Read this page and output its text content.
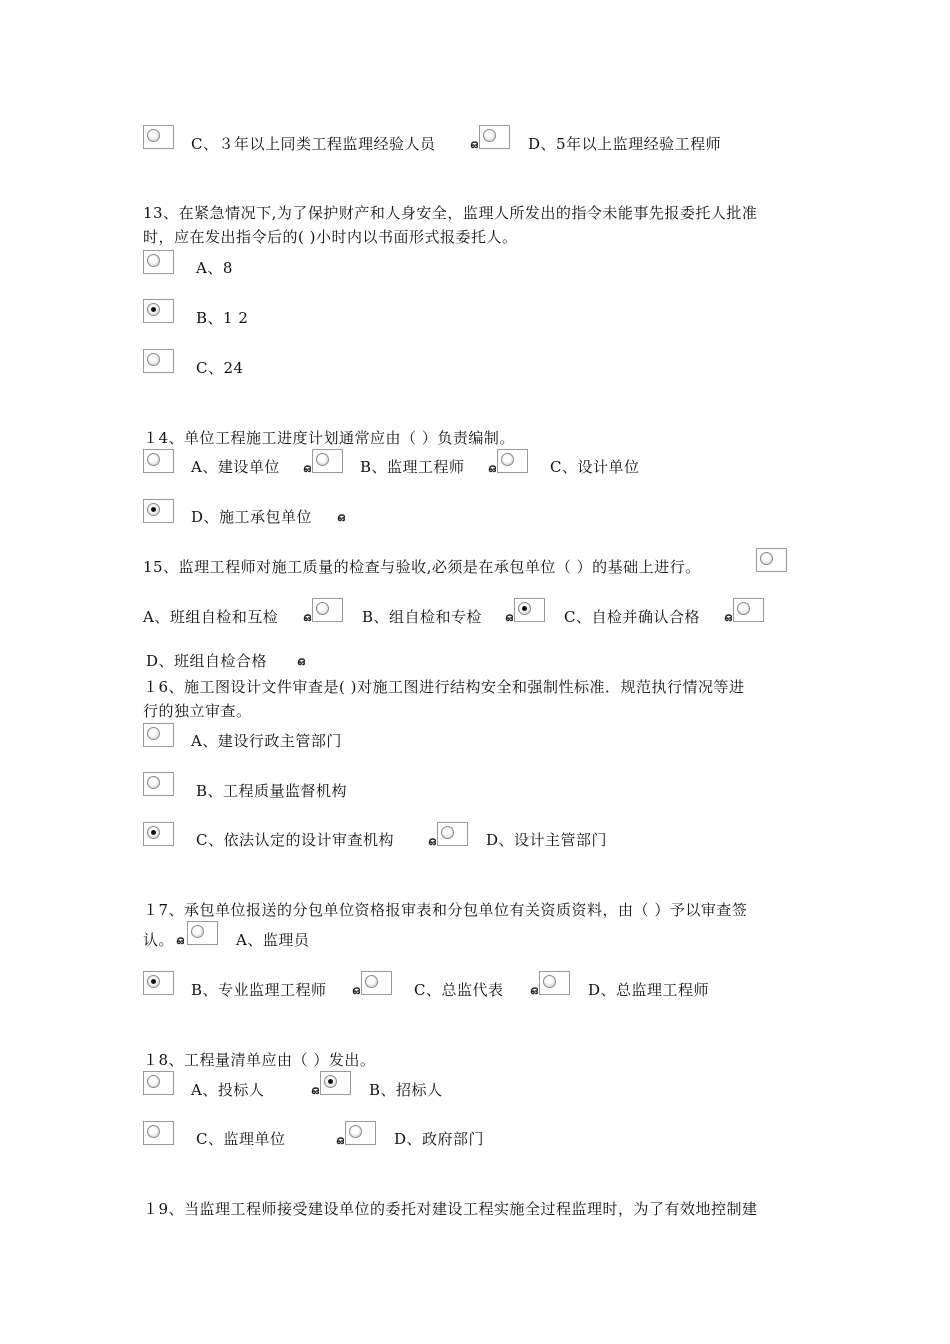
C、３年以上同类工程监理经验人员	ഒ	D、5年以上监理经验工程师
13、在紧急情况下,为了保护财产和人身安全，监理人所发出的指令未能事先报委托人批准
时，应在发出指令后的( )小时内以书面形式报委托人。
A、8
B、1 2
C、24
１4、单位工程施工进度计划通常应由（ ）负责编制。
A、建设单位 ഒ	B、监理工程师 ഒ	C、设计单位
D、施工承包单位 ഒ
15、监理工程师对施工质量的检查与验收,必须是在承包单位（ ）的基础上进行。
A、班组自检和互检 ഒ	B、组自检和专检 ഒ	C、自检并确认合格 ഒ
D、班组自检合格	ഒ
１6、施工图设计文件审查是( )对施工图进行结构安全和强制性标准．规范执行情况等进
行的独立审查。
A、建设行政主管部门
B、工程质量监督机构
C、依法认定的设计审查机构	ഒ	D、设计主管部门
１7、承包单位报送的分包单位资格报审表和分包单位有关资质资料，由（ ）予以审查签
认。 ഒ	A、监理员
B、专业监理工程师 ഒ	C、总监代表 ഒ	D、总监理工程师
１8、工程量清单应由（ ）发出。
A、投标人	ഒ	B、招标人
C、监理单位	ഒ	D、政府部门
１9、当监理工程师接受建设单位的委托对建设工程实施全过程监理时，为了有效地控制建
